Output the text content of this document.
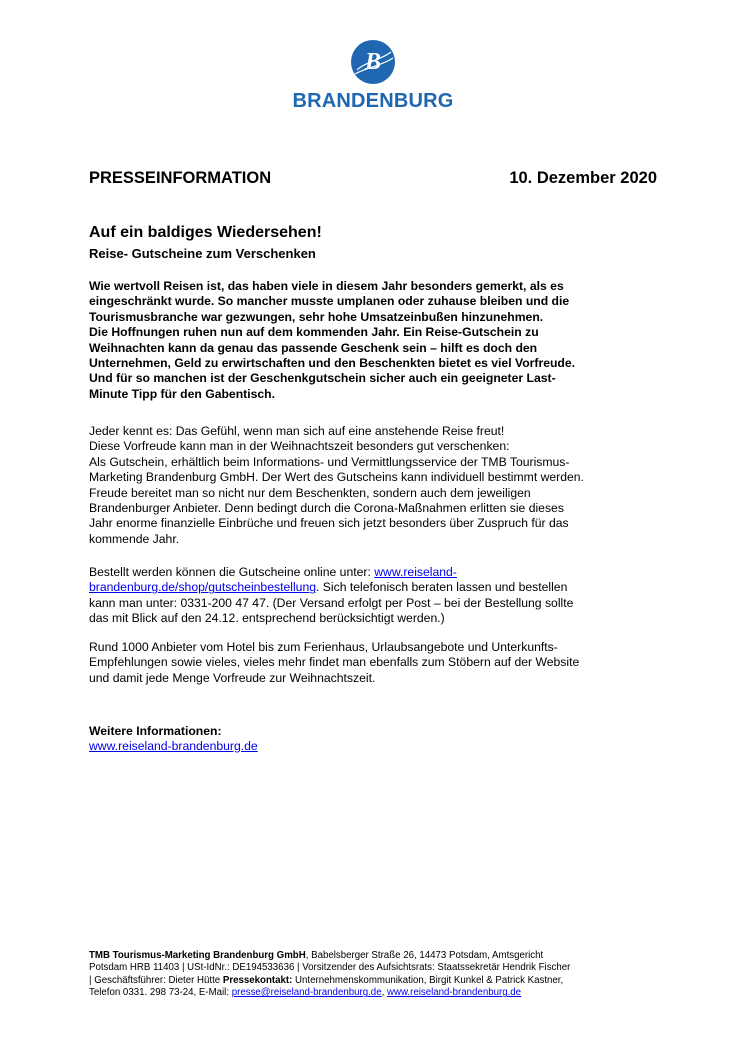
B
BRANDENBURG
PRESSEINFORMATION	10. Dezember 2020
Auf ein baldiges Wiedersehen!
Reise- Gutscheine zum Verschenken

Wie wertvoll Reisen ist, das haben viele in diesem Jahr besonders gemerkt, als es
eingeschränkt wurde. So mancher musste umplanen oder zuhause bleiben und die
Tourismusbranche war gezwungen, sehr hohe Umsatzeinbußen hinzunehmen.
Die Hoffnungen ruhen nun auf dem kommenden Jahr. Ein Reise-Gutschein zu
Weihnachten kann da genau das passende Geschenk sein – hilft es doch den
Unternehmen, Geld zu erwirtschaften und den Beschenkten bietet es viel Vorfreude.
Und für so manchen ist der Geschenkgutschein sicher auch ein geeigneter Last-
Minute Tipp für den Gabentisch.

Jeder kennt es: Das Gefühl, wenn man sich auf eine anstehende Reise freut!
Diese Vorfreude kann man in der Weihnachtszeit besonders gut verschenken:
Als Gutschein, erhältlich beim Informations- und Vermittlungsservice der TMB Tourismus-
Marketing Brandenburg GmbH. Der Wert des Gutscheins kann individuell bestimmt werden.
Freude bereitet man so nicht nur dem Beschenkten, sondern auch dem jeweiligen
Brandenburger Anbieter. Denn bedingt durch die Corona-Maßnahmen erlitten sie dieses
Jahr enorme finanzielle Einbrüche und freuen sich jetzt besonders über Zuspruch für das
kommende Jahr.

Bestellt werden können die Gutscheine online unter: www.reiseland-
brandenburg.de/shop/gutscheinbestellung. Sich telefonisch beraten lassen und bestellen
kann man unter: 0331-200 47 47. (Der Versand erfolgt per Post – bei der Bestellung sollte
das mit Blick auf den 24.12. entsprechend berücksichtigt werden.)

Rund 1000 Anbieter vom Hotel bis zum Ferienhaus, Urlaubsangebote und Unterkunfts-
Empfehlungen sowie vieles, vieles mehr findet man ebenfalls zum Stöbern auf der Website
und damit jede Menge Vorfreude zur Weihnachtszeit.

Weitere Informationen:
www.reiseland-brandenburg.de

TMB Tourismus-Marketing Brandenburg GmbH, Babelsberger Straße 26, 14473 Potsdam, Amtsgericht
Potsdam HRB 11403 | USt-IdNr.: DE194533636 | Vorsitzender des Aufsichtsrats: Staatssekretär Hendrik Fischer
| Geschäftsführer: Dieter Hütte Pressekontakt: Unternehmenskommunikation, Birgit Kunkel & Patrick Kastner,
Telefon 0331. 298 73-24, E-Mail: presse@reiseland-brandenburg.de, www.reiseland-brandenburg.de
